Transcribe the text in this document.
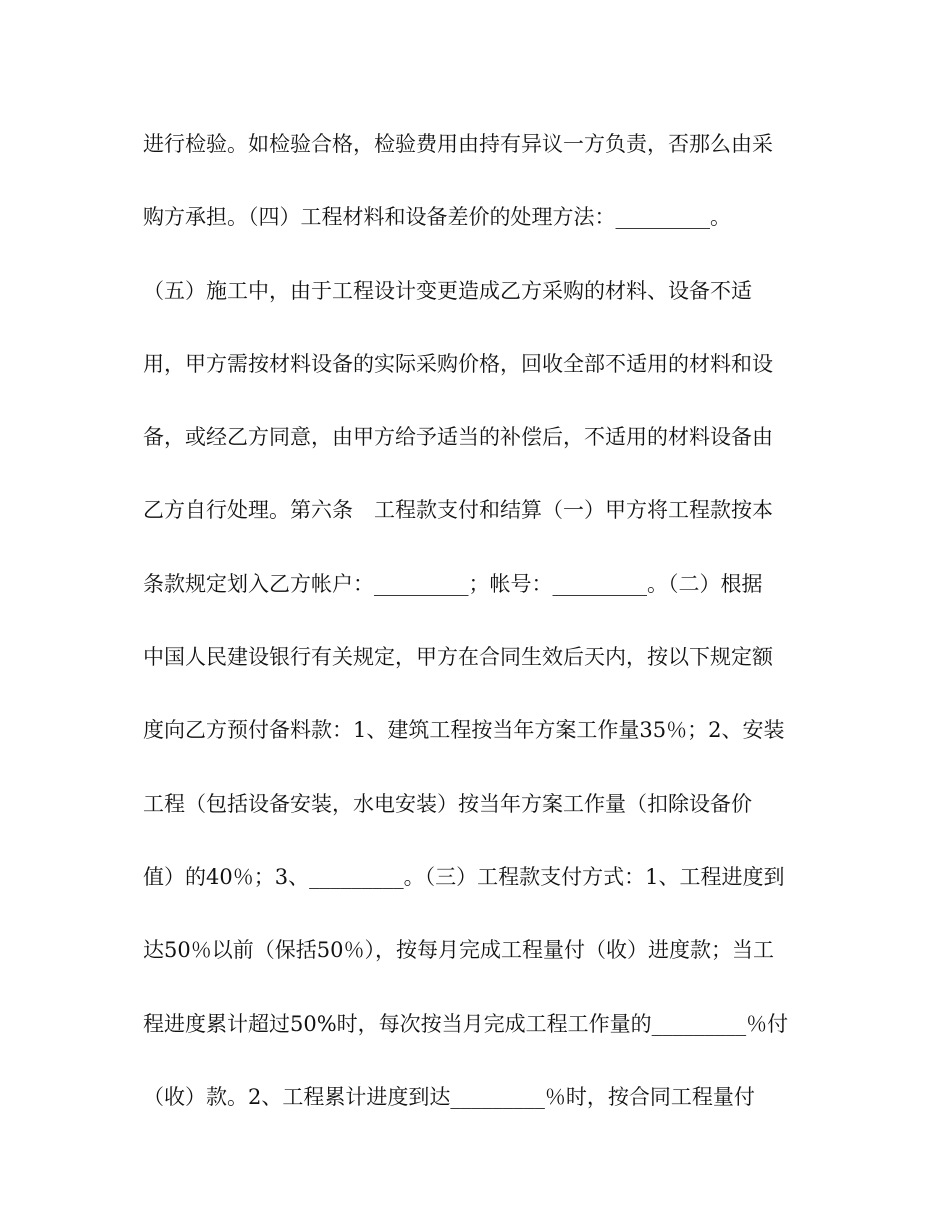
进行检验。如检验合格，检验费用由持有异议一方负责，否那么由采
购方承担。（四）工程材料和设备差价的处理方法：_________。
（五）施工中，由于工程设计变更造成乙方采购的材料、设备不适
用，甲方需按材料设备的实际采购价格，回收全部不适用的材料和设
备，或经乙方同意，由甲方给予适当的补偿后，不适用的材料设备由
乙方自行处理。第六条　工程款支付和结算（一）甲方将工程款按本
条款规定划入乙方帐户：_________；帐号：_________。（二）根据
中国人民建设银行有关规定，甲方在合同生效后天内，按以下规定额
度向乙方预付备料款：1、建筑工程按当年方案工作量35％；2、安装
工程（包括设备安装，水电安装）按当年方案工作量（扣除设备价
值）的40％；3、_________。（三）工程款支付方式：1、工程进度到
达50％以前（保括50％），按每月完成工程量付（收）进度款；当工
程进度累计超过50%时，每次按当月完成工程工作量的_________％付
（收）款。2、工程累计进度到达_________％时，按合同工程量付
